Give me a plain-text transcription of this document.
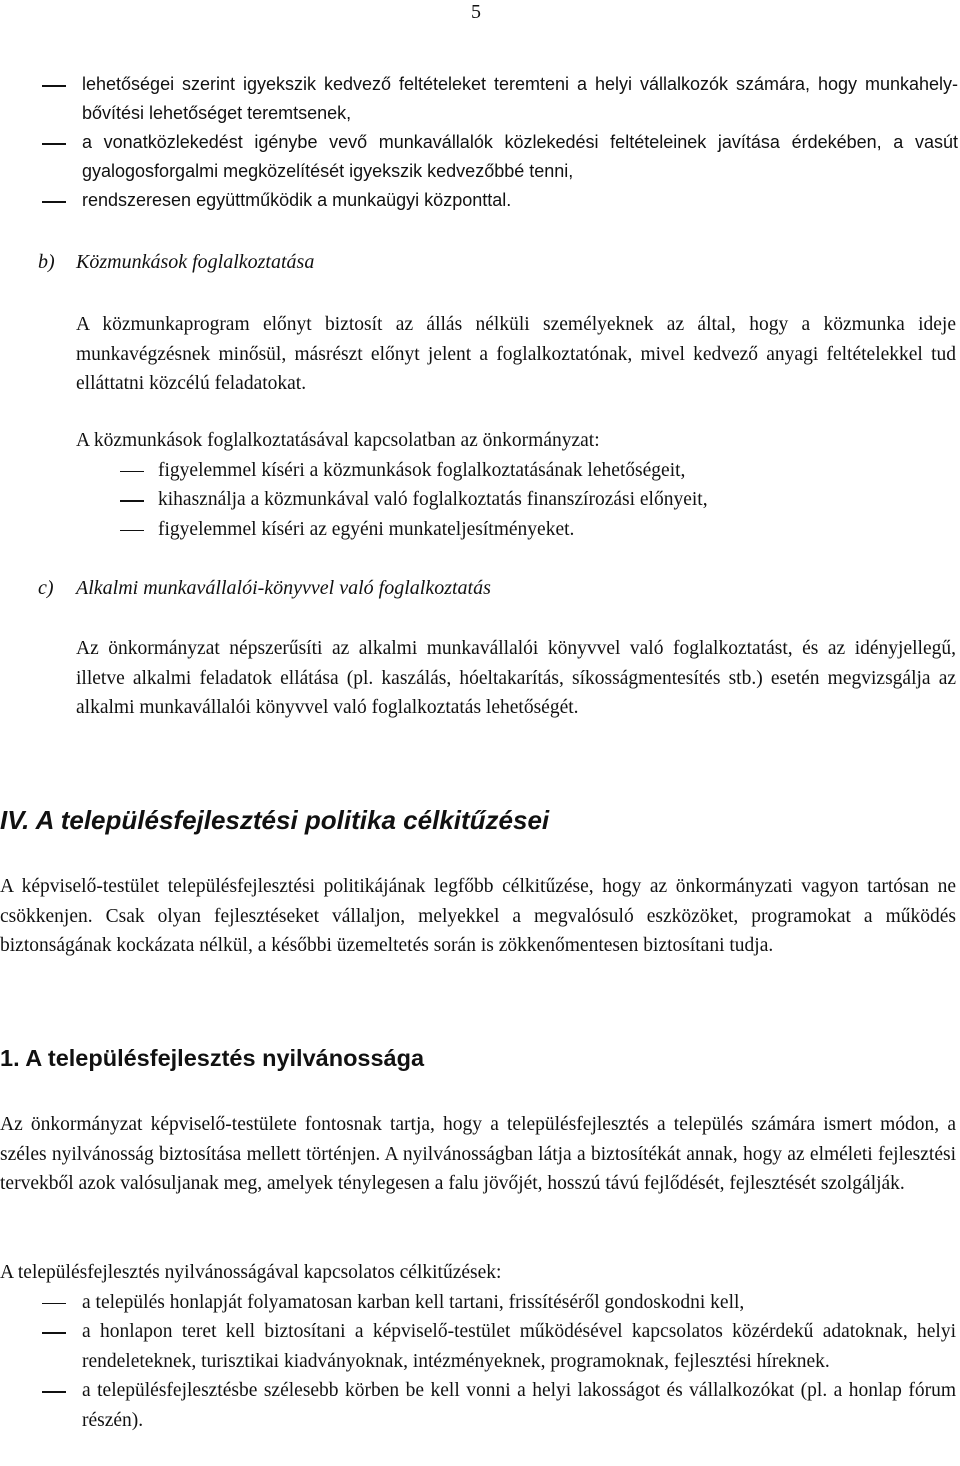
5
lehetőségei szerint igyekszik kedvező feltételeket teremteni a helyi vállalkozók számára, hogy munkahely-bővítési lehetőséget teremtsenek,
a vonatközlekedést igénybe vevő munkavállalók közlekedési feltételeinek javítása érdekében, a vasút gyalogosforgalmi megközelítését igyekszik kedvezőbbé tenni,
rendszeresen együttműködik a munkaügyi központtal.

b) Közmunkások foglalkoztatása

A közmunkaprogram előnyt biztosít az állás nélküli személyeknek az által, hogy a közmunka ideje munkavégzésnek minősül, másrészt előnyt jelent a foglalkoztatónak, mivel kedvező anyagi feltételekkel tud elláttatni közcélú feladatokat.

A közmunkások foglalkoztatásával kapcsolatban az önkormányzat:

figyelemmel kíséri a közmunkások foglalkoztatásának lehetőségeit,
kihasználja a közmunkával való foglalkoztatás finanszírozási előnyeit,
figyelemmel kíséri az egyéni munkateljesítményeket.

c) Alkalmi munkavállalói-könyvvel való foglalkoztatás

Az önkormányzat népszerűsíti az alkalmi munkavállalói könyvvel való foglalkoztatást, és az idényjellegű, illetve alkalmi feladatok ellátása (pl. kaszálás, hóeltakarítás, síkosságmentesítés stb.) esetén megvizsgálja az alkalmi munkavállalói könyvvel való foglalkoztatás lehetőségét.

IV. A településfejlesztési politika célkitűzései

A képviselő-testület településfejlesztési politikájának legfőbb célkitűzése, hogy az önkormányzati vagyon tartósan ne csökkenjen. Csak olyan fejlesztéseket vállaljon, melyekkel a megvalósuló eszközöket, programokat a működés biztonságának kockázata nélkül, a későbbi üzemeltetés során is zökkenőmentesen biztosítani tudja.

1. A településfejlesztés nyilvánossága

Az önkormányzat képviselő-testülete fontosnak tartja, hogy a településfejlesztés a település számára ismert módon, a széles nyilvánosság biztosítása mellett történjen. A nyilvánosságban látja a biztosítékát annak, hogy az elméleti fejlesztési tervekből azok valósuljanak meg, amelyek ténylegesen a falu jövőjét, hosszú távú fejlődését, fejlesztését szolgálják.

A településfejlesztés nyilvánosságával kapcsolatos célkitűzések:

a település honlapját folyamatosan karban kell tartani, frissítéséről gondoskodni kell,
a honlapon teret kell biztosítani a képviselő-testület működésével kapcsolatos közérdekű adatoknak, helyi rendeleteknek, turisztikai kiadványoknak, intézményeknek, programoknak, fejlesztési híreknek.
a településfejlesztésbe szélesebb körben be kell vonni a helyi lakosságot és vállalkozókat (pl. a honlap fórum részén).
